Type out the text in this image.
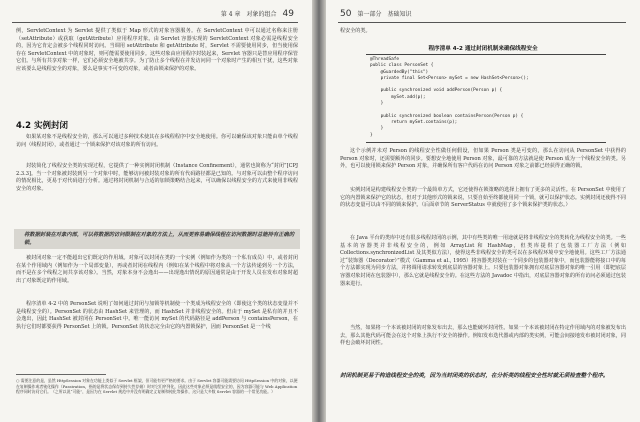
第 4 章 对象的组合 49
例，ServletContext 为 Servlet 提供了类似于 Map 形式的对象容器服务。在 ServletContext 中可以通过名称来注册（setAttribute）或获取（getAttribute）应用程序对象。由 Servlet 容器实现的 ServletContext 对象必需是线程安全的，因为它肯定会被多个线程同时访问。当调用 setAttribute 和 getAttribute 时，Servlet 不需要使用同步，但当使用保存在 ServletContext 中的对象时，则可能需要使用同步。这些对象由应用程序封装起来，Servlet 容器只是替应用程序保管它们。与所有共享对象一样，它们必须安全地被共享。为了防止多个线程在并发访问同一个对象时产生的相互干扰，这些对象应该要么是线程安全的对象，要么是事实不可变的对象，或者由锁来保护的对象。
4.2 实例封闭
如果某对象不是线程安全的，那么可以通过多种技术使其在多线程程序中安全地使用。你可以确保该对象只能由单个线程访问（线程封闭），或者通过一个锁来保护对该对象的所有访问。
封装简化了线程安全类的实现过程，它提供了一种实例封闭机制（Instance Confinement），通常也简称为“封闭”[CPJ 2.3.3]。当一个对象被封装到另一个对象中时，能够访问被封装对象的所有代码路径都是已知的。与对象可以由整个程序访问的情况相比，更易于对代码进行分析。通过将封闭机制与合适的加锁策略结合起来，可以确保以线程安全的方式来使用非线程安全的对象。
将数据封装在对象内部，可以将数据的访问限制在对象的方法上，从而更容易确保线程在访问数据时总能持有正确的锁。
被封闭对象一定不能超出它们既定的作用域。对象可以封闭在类的一个实例（例如作为类的一个私有成员）中，或者封闭在某个作用域内（例如作为一个局部变量），再或者封闭在线程内（例如在某个线程中将对象从一个方法传递到另一个方法，而不是在多个线程之间共享该对象）。当然，对象本身不会逸出——出现逸出情况的原因通常是由于开发人员在发布对象时超出了对象既定的作用域。
程序清单 4-2 中的 PersonSet 说明了如何通过封闭与加锁等机制使一个类成为线程安全的（即使这个类的状态变量并不是线程安全的）。PersonSet 的状态由 HashSet 来管理的，而 HashSet 并非线程安全的。但由于 mySet 是私有的并且不会逸出，因此 HashSet 被封闭在 PersonSet 中。唯一能访问 mySet 的代码路径是 addPerson 与 containsPerson，在执行它们时都要获得 PersonSet 上的锁。PersonSet 的状态完全由它的内置锁保护，因而 PersonSet 是一个线
○ 需要注意的是，虽然 HttpSession 对象在功能上类似于 Servlet 框架，但可能有更严格的要求。由于 Servlet 容器可能需要访问 HttpSession 中的对象，以便在复制操作或者钝化操作（Passivation，指的是将状态保存到持久性存储）时对它们序列化，因此这些对象必须是线程安全的，因为容器可能与 Web Application 程序同时访问它们。（之所以说“可能”，是因为在 Servlet 规范中并没有明确定义复制和钝化等操作，这只是大多数 Servlet 容器的一个常见功能。）
50 第一部分 基础知识
程安全的类。
程序清单 4-2 通过封闭机制来确保线程安全
@ThreadSafe
public class PersonSet {
@GuardedBy("this")
private final Set<Person> mySet = new HashSet<Person>();

public synchronized void addPerson(Person p) {
mySet.add(p);
}

public synchronized boolean containsPerson(Person p) {
return mySet.contains(p);
}
}
这个示例并未对 Person 的线程安全性做任何假设，但如果 Person 类是可变的，那么在访问从 PersonSet 中获得的 Person 对象时，还需要额外的同步。要想安全地使用 Person 对象，最可靠的方法就是使 Person 成为一个线程安全的类。另外，也可以使用锁来保护 Person 对象，并确保所有客户代码在访问 Person 对象之前都已经获得正确的锁。
实例封闭是构建线程安全类的一个最简单方式，它还使得在锁策略的选择上拥有了更多的灵活性。在 PersonSet 中使用了它的内置锁来保护它的状态，但对于其他形式的锁来说，只要自始至终都使用同一个锁，就可以保护状态。实例封闭还使得不同的状态变量可以由不同的锁来保护。（后面章节的 ServerStatus 中就使用了多个锁来保护类的状态。）
在 Java 平台的类库中还有很多线程封闭的示例，其中有些类的唯一用途就是将非线程安全的类转化为线程安全的类。一些基本的容器类并非线程安全的，例如 ArrayList 和 HashMap，但类库提供了包装器工厂方法（例如 Collections.synchronizedList 及其类似方法），使得这些非线程安全的类可以在多线程环境中安全地使用。这些工厂方法通过“装饰器（Decorator）”模式（Gamma et al., 1995）将容器类封装在一个同步的包装器对象中，而包装器能将接口中的每个方法都实现为同步方法，并将调用请求转发到底层的容器对象上。只要包装器对象拥有对底层容器对象的唯一引用（即把底层容器对象封闭在包装器中），那么它就是线程安全的。在这些方法的 Javadoc 中指出，对底层容器对象的所有访问必须通过包装器来进行。
当然，如果将一个本该被封闭的对象发布出去，那么也能破坏封闭性。如果一个本该被封闭在特定作用域内的对象被发布出去，那么其他代码可能会在这个对象上执行不安全的操作。例如发布迭代器或内部的类实例，可能会间接地发布被封闭对象，同样也会破坏封闭性。
封闭机制更易于构造线程安全的类，因为当封闭类的状态时，在分析类的线程安全性时就无须检查整个程序。
